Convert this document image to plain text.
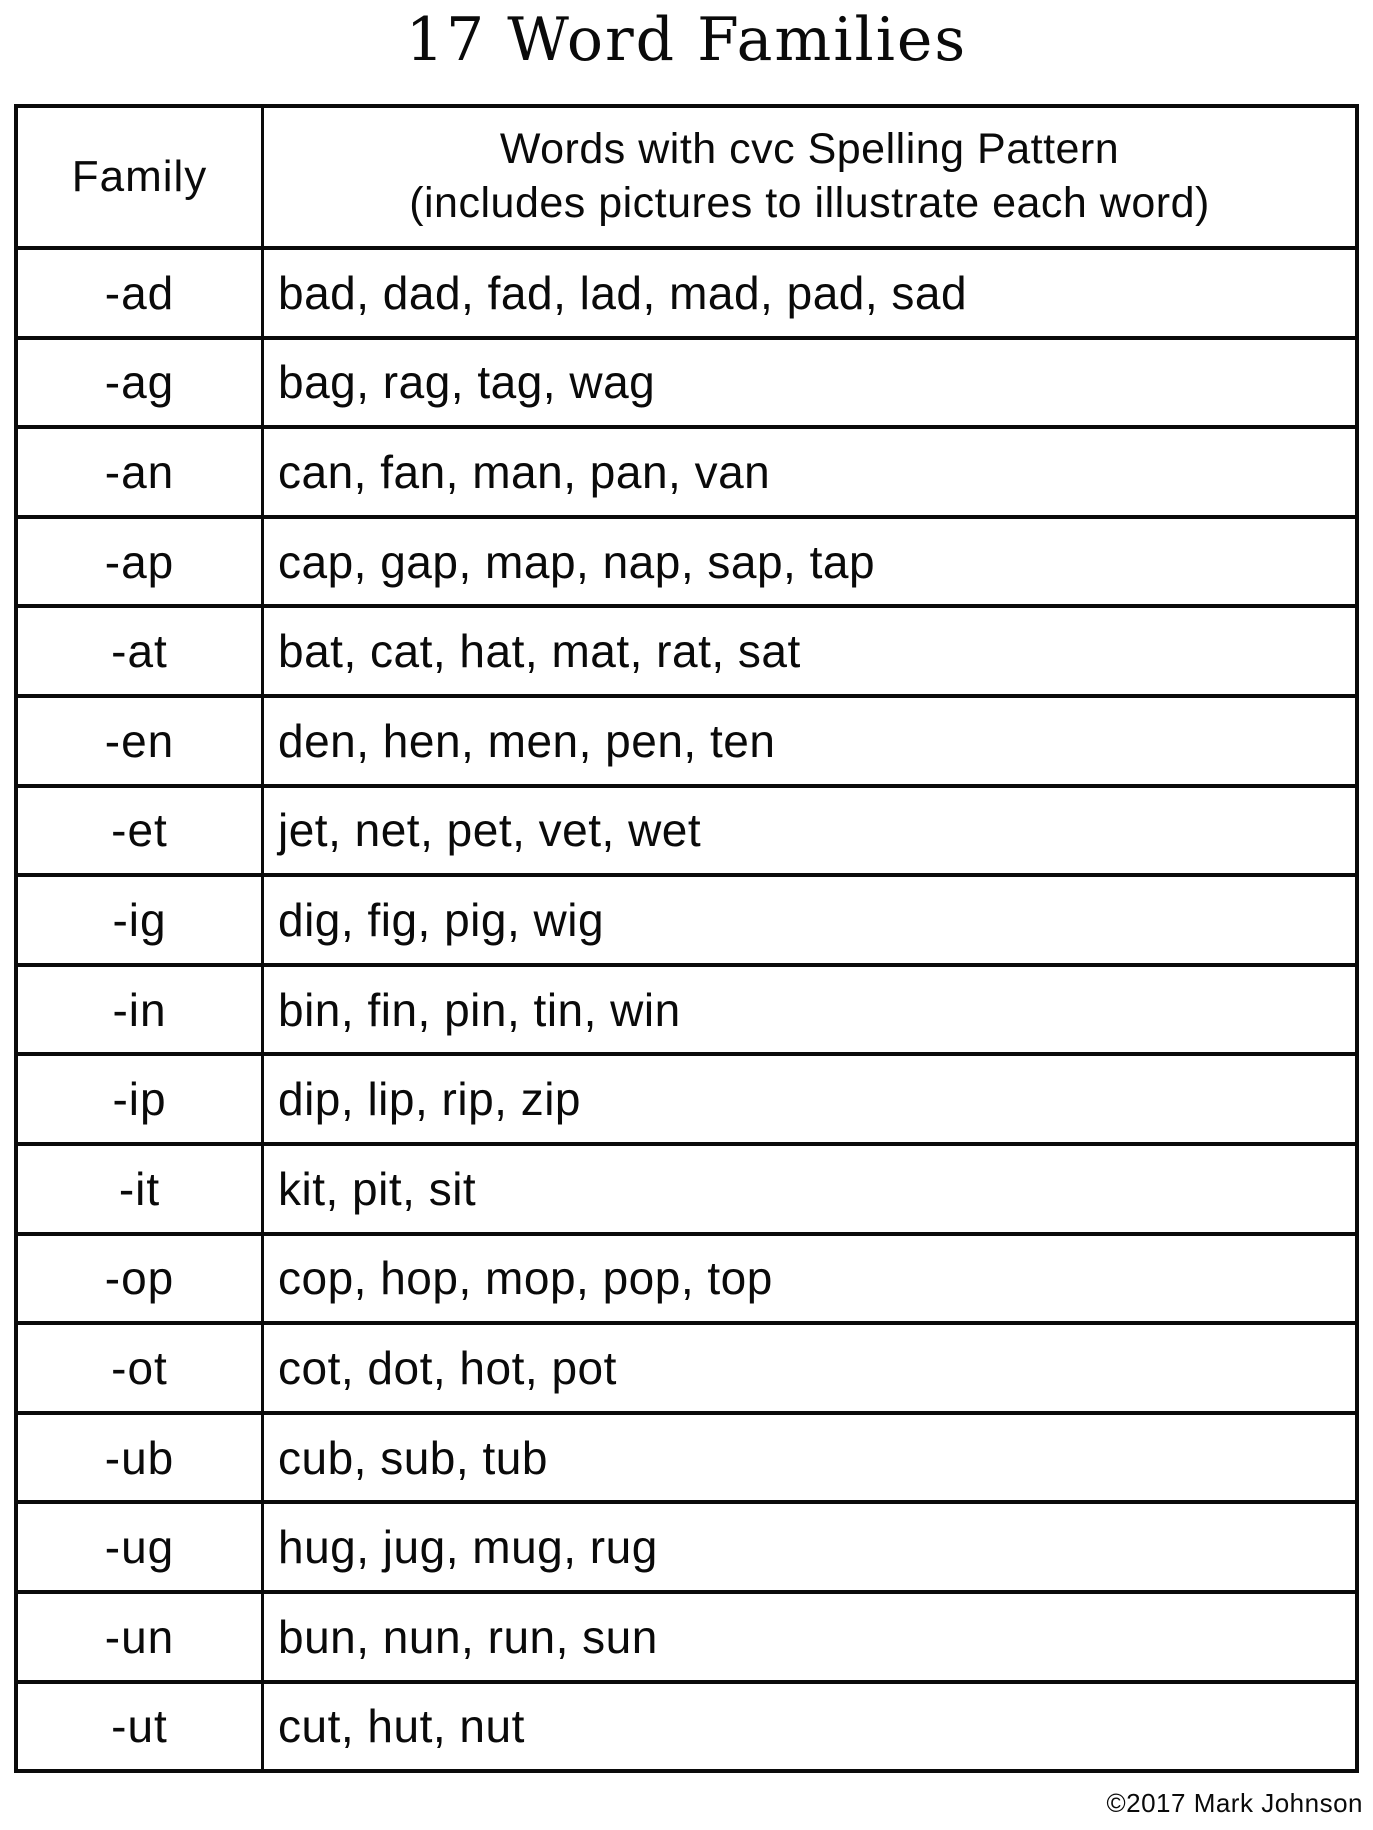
17 Word Families
Family
Words with cvc Spelling Pattern
(includes pictures to illustrate each word)
-ad	bad, dad, fad, lad, mad, pad, sad
-ag	bag, rag, tag, wag
-an	can, fan, man, pan, van
-ap	cap, gap, map, nap, sap, tap
-at	bat, cat, hat, mat, rat, sat
-en	den, hen, men, pen, ten
-et	jet, net, pet, vet, wet
-ig	dig, fig, pig, wig
-in	bin, fin, pin, tin, win
-ip	dip, lip, rip, zip
-it	kit, pit, sit
-op	cop, hop, mop, pop, top
-ot	cot, dot, hot, pot
-ub	cub, sub, tub
-ug	hug, jug, mug, rug
-un	bun, nun, run, sun
-ut	cut, hut, nut
©2017 Mark Johnson
